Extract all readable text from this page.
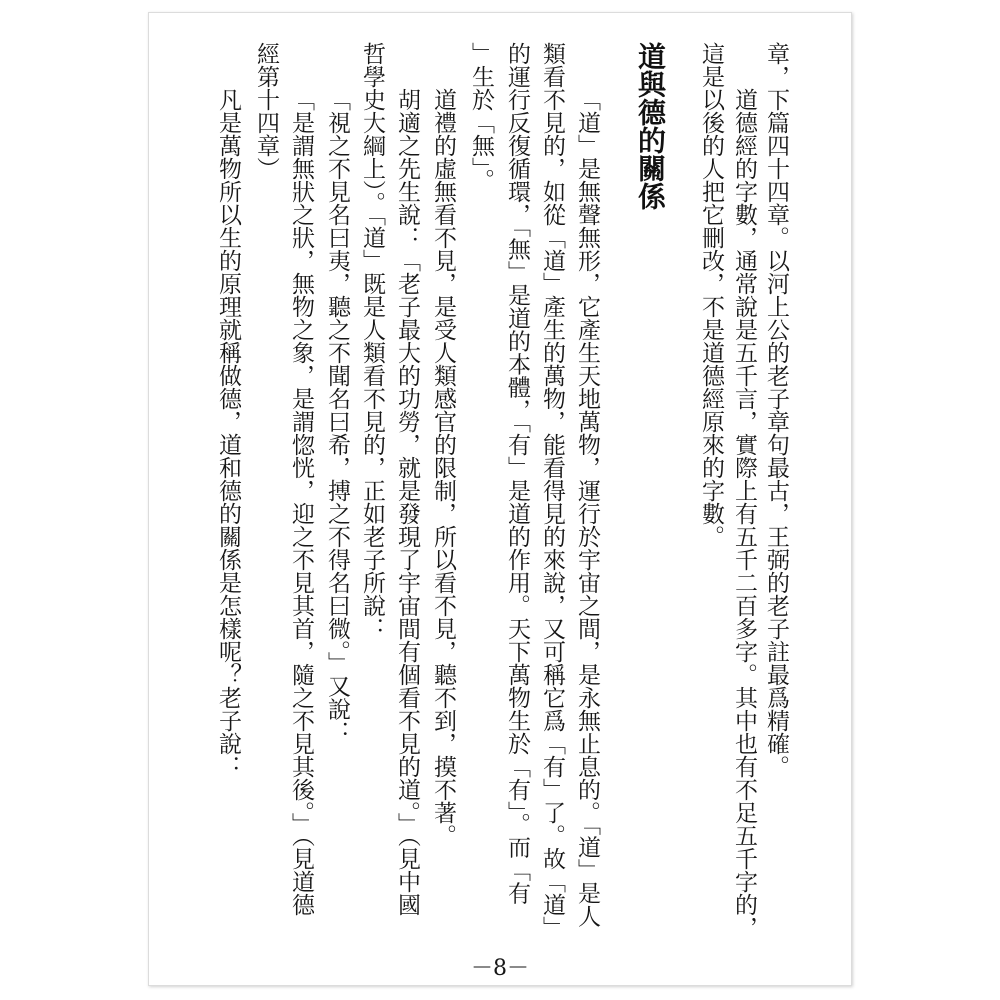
章，下篇四十四章。以河上公的老子章句最古，王弼的老子註最爲精確。
道德經的字數，通常說是五千言，實際上有五千二百多字。其中也有不足五千字的，
這是以後的人把它刪改，不是道德經原來的字數。
道與德的關係
「道」是無聲無形，它產生天地萬物，運行於宇宙之間，是永無止息的。「道」是人
類看不見的，如從「道」產生的萬物，能看得見的來說，又可稱它爲「有」了。故「道」
的運行反復循環，「無」是道的本體，「有」是道的作用。天下萬物生於「有」。而「有
」生於「無」。
道禮的虛無看不見，是受人類感官的限制，所以看不見，聽不到，摸不著。
胡適之先生說：「老子最大的功勞，就是發現了宇宙間有個看不見的道。」（見中國
哲學史大綱上）。「道」既是人類看不見的，正如老子所說：
「視之不見名曰夷，聽之不聞名曰希，搏之不得名曰微。」又說：
「是謂無狀之狀，無物之象，是謂惚恍，迎之不見其首，隨之不見其後。」（見道德
經第十四章）
凡是萬物所以生的原理就稱做德，道和德的關係是怎樣呢？老子說：
－8－
